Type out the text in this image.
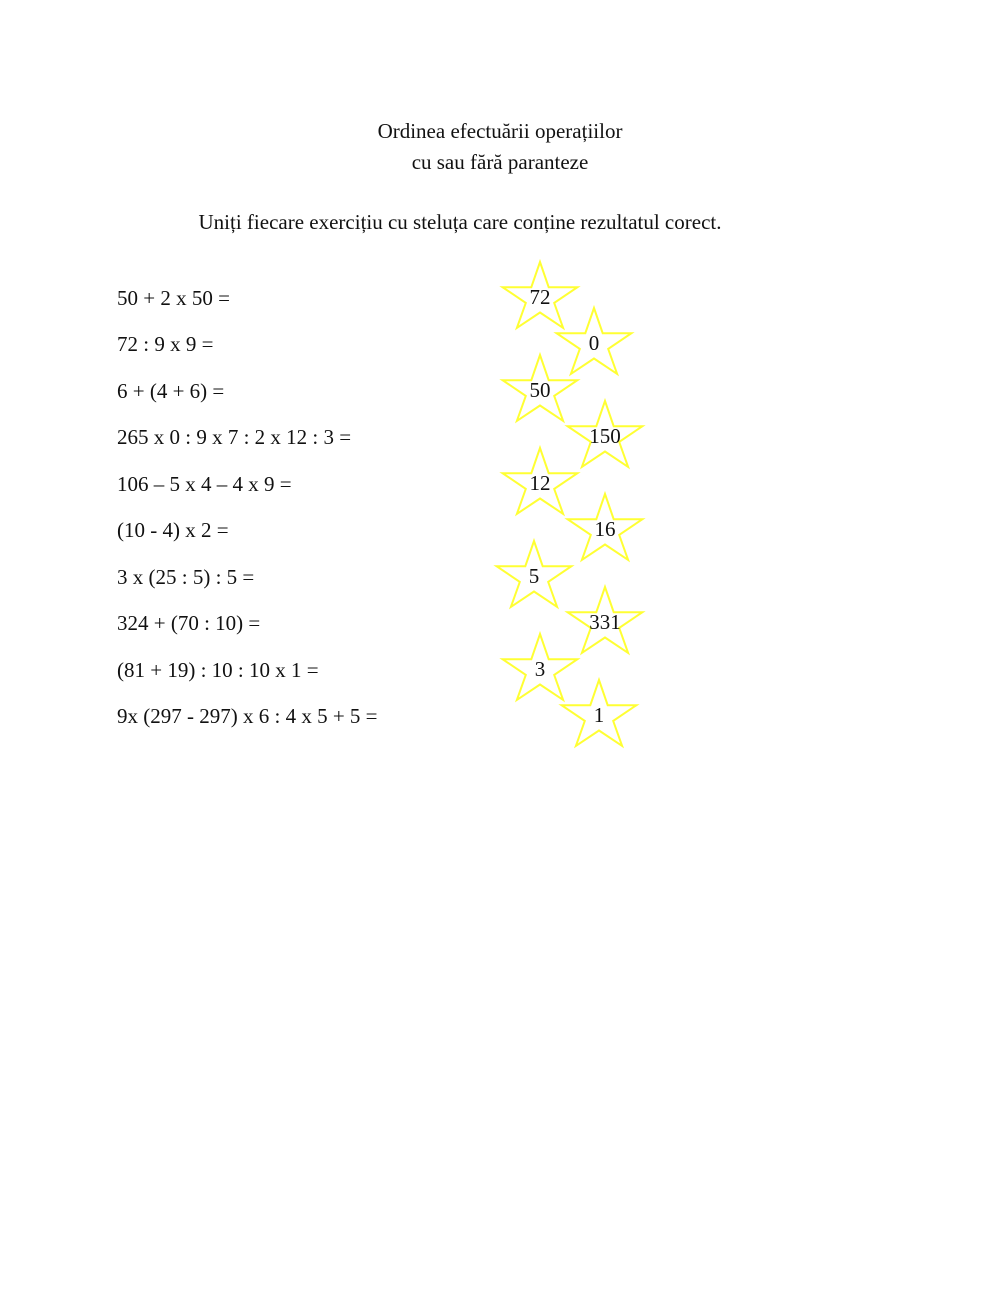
Ordinea efectuării operațiilor
cu sau fără paranteze
Uniți fiecare exercițiu cu steluța care conține rezultatul corect.
50 + 2 x 50 =
72 : 9 x 9 =
6 + (4 + 6) =
265 x 0 : 9 x 7 : 2 x 12 : 3 =
106 – 5 x 4 – 4 x 9 =
(10 - 4) x 2 =
3 x (25 : 5) : 5 =
324 + (70 : 10) =
(81 + 19) : 10 : 10 x 1 =
9x (297 - 297) x 6 : 4 x 5 + 5 =
72
0
50
150
12
16
5
331
3
1
